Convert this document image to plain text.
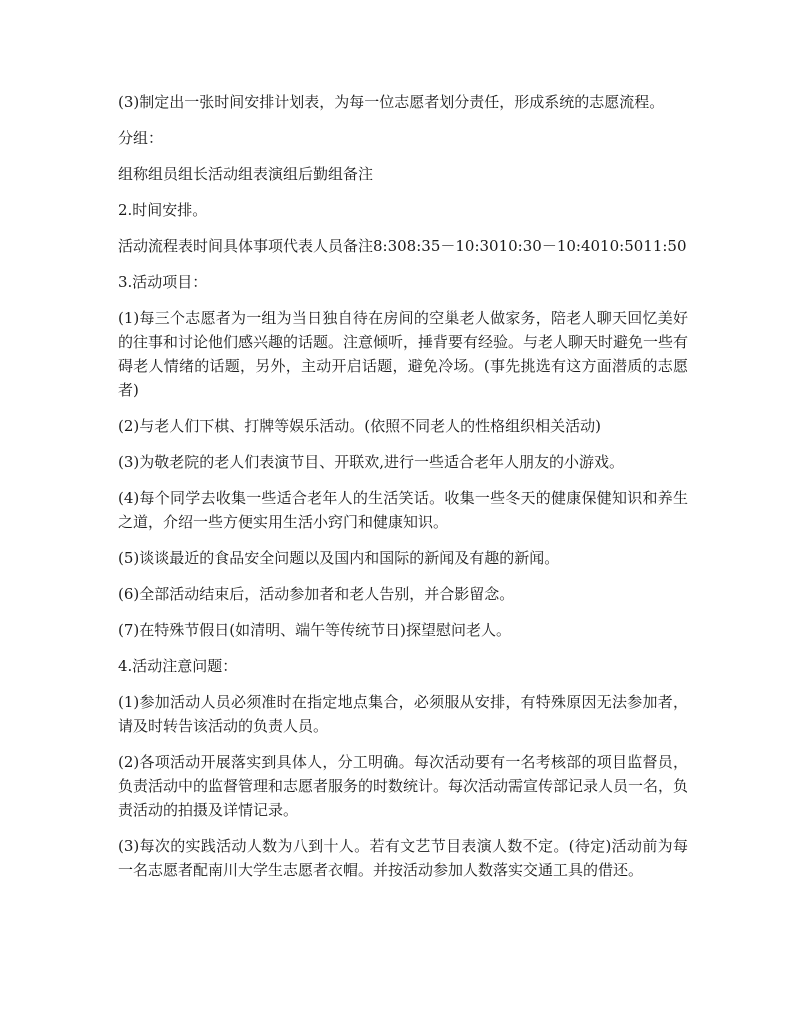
(3)制定出一张时间安排计划表，为每一位志愿者划分责任，形成系统的志愿流程。

分组：

组称组员组长活动组表演组后勤组备注

2.时间安排。

活动流程表时间具体事项代表人员备注8:308:35－10:3010:30－10:4010:5011:50

3.活动项目：

(1)每三个志愿者为一组为当日独自待在房间的空巢老人做家务，陪老人聊天回忆美好的往事和讨论他们感兴趣的话题。注意倾听，捶背要有经验。与老人聊天时避免一些有碍老人情绪的话题，另外，主动开启话题，避免冷场。(事先挑选有这方面潜质的志愿者)

(2)与老人们下棋、打牌等娱乐活动。(依照不同老人的性格组织相关活动)

(3)为敬老院的老人们表演节目、开联欢,进行一些适合老年人朋友的小游戏。

(4)每个同学去收集一些适合老年人的生活笑话。收集一些冬天的健康保健知识和养生之道，介绍一些方便实用生活小窍门和健康知识。

(5)谈谈最近的食品安全问题以及国内和国际的新闻及有趣的新闻。

(6)全部活动结束后，活动参加者和老人告别，并合影留念。

(7)在特殊节假日(如清明、端午等传统节日)探望慰问老人。

4.活动注意问题：

(1)参加活动人员必须准时在指定地点集合，必须服从安排，有特殊原因无法参加者，请及时转告该活动的负责人员。

(2)各项活动开展落实到具体人，分工明确。每次活动要有一名考核部的项目监督员，负责活动中的监督管理和志愿者服务的时数统计。每次活动需宣传部记录人员一名，负责活动的拍摄及详情记录。

(3)每次的实践活动人数为八到十人。若有文艺节目表演人数不定。(待定)活动前为每一名志愿者配南川大学生志愿者衣帽。并按活动参加人数落实交通工具的借还。
